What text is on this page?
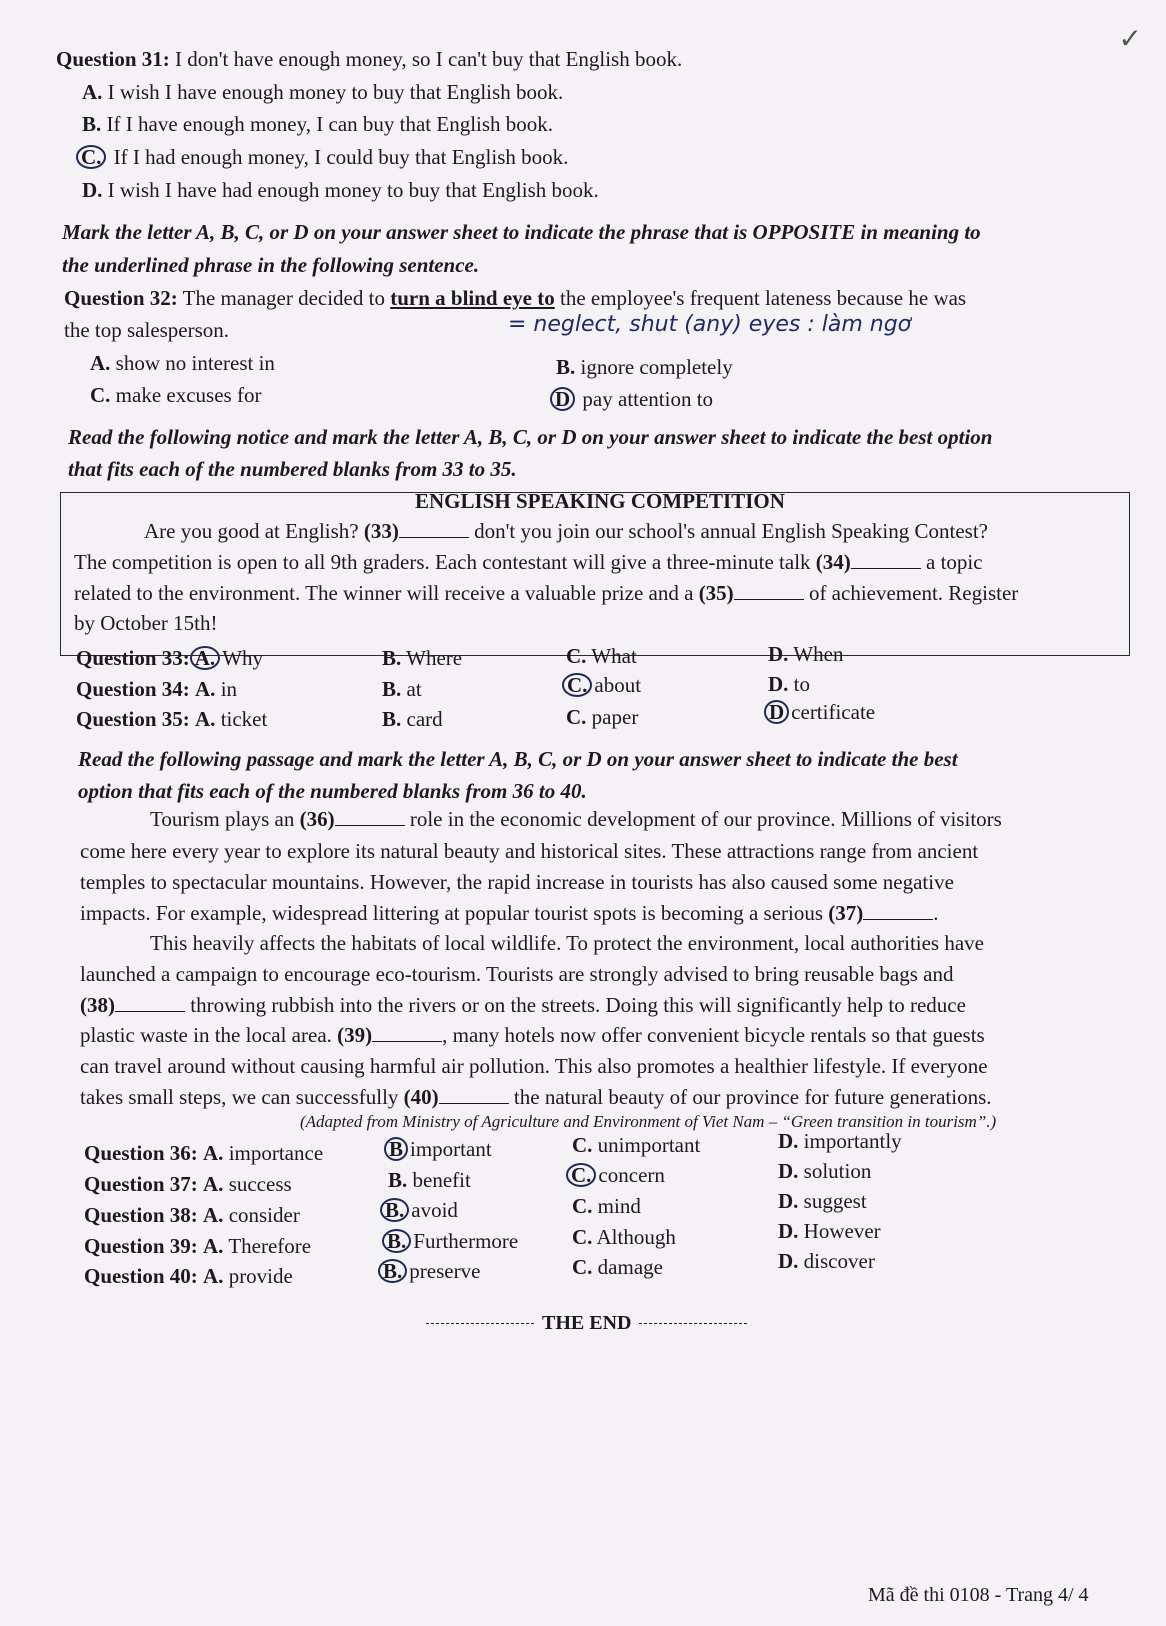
✓
Question 31: I don't have enough money, so I can't buy that English book.
A. I wish I have enough money to buy that English book.
B. If I have enough money, I can buy that English book.
C. If I had enough money, I could buy that English book.
D. I wish I have had enough money to buy that English book.
Mark the letter A, B, C, or D on your answer sheet to indicate the phrase that is OPPOSITE in meaning to
the underlined phrase in the following sentence.
Question 32: The manager decided to turn a blind eye to the employee's frequent lateness because he was
the top salesperson.	= neglect, shut (any) eyes : làm ngơ
A. show no interest in	B. ignore completely
C. make excuses for	D pay attention to
Read the following notice and mark the letter A, B, C, or D on your answer sheet to indicate the best option
that fits each of the numbered blanks from 33 to 35.
ENGLISH SPEAKING COMPETITION
Are you good at English? (33)	don't you join our school's annual English Speaking Contest?
The competition is open to all 9th graders. Each contestant will give a three-minute talk (34)	a topic
related to the environment. The winner will receive a valuable prize and a (35)	of achievement. Register
by October 15th!
Question 33: A. Why	B. Where	C. What	D. When
Question 34: A. in	B. at	C. about	D. to
Question 35: A. ticket	B. card	C. paper	D certificate
Read the following passage and mark the letter A, B, C, or D on your answer sheet to indicate the best
option that fits each of the numbered blanks from 36 to 40.
Tourism plays an (36)	role in the economic development of our province. Millions of visitors
come here every year to explore its natural beauty and historical sites. These attractions range from ancient
temples to spectacular mountains. However, the rapid increase in tourists has also caused some negative
impacts. For example, widespread littering at popular tourist spots is becoming a serious (37)	.
This heavily affects the habitats of local wildlife. To protect the environment, local authorities have
launched a campaign to encourage eco-tourism. Tourists are strongly advised to bring reusable bags and
(38)	throwing rubbish into the rivers or on the streets. Doing this will significantly help to reduce
plastic waste in the local area. (39)	, many hotels now offer convenient bicycle rentals so that guests
can travel around without causing harmful air pollution. This also promotes a healthier lifestyle. If everyone
takes small steps, we can successfully (40)	the natural beauty of our province for future generations.
(Adapted from Ministry of Agriculture and Environment of Viet Nam – “Green transition in tourism”.)
Question 36: A. importance	B important	C. unimportant	D. importantly
Question 37: A. success	B. benefit	C. concern	D. solution
Question 38: A. consider	B. avoid	C. mind	D. suggest
Question 39: A. Therefore	B. Furthermore	C. Although	D. However
Question 40: A. provide	B. preserve	C. damage	D. discover
THE END
Mã đề thi 0108 - Trang 4/ 4
